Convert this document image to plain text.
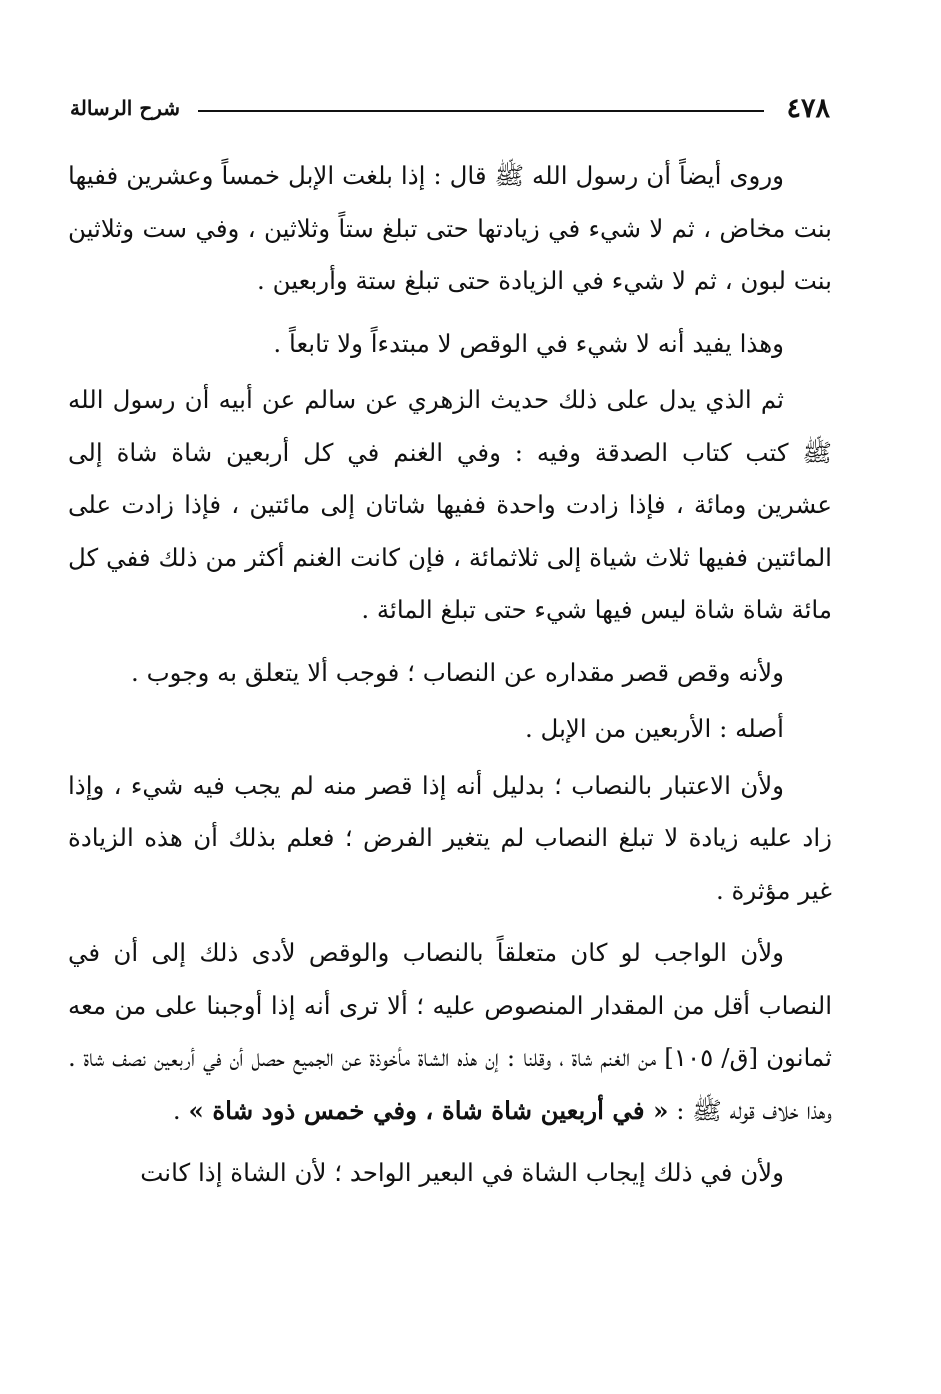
٤٧٨
شرح الرسالة

وروى أيضاً أن رسول الله ﷺ قال : إذا بلغت الإبل خمساً وعشرين ففيها بنت مخاض ، ثم لا شيء في زيادتها حتى تبلغ ستاً وثلاثين ، وفي ست وثلاثين بنت لبون ، ثم لا شيء في الزيادة حتى تبلغ ستة وأربعين .

وهذا يفيد أنه لا شيء في الوقص لا مبتدءاً ولا تابعاً .

ثم الذي يدل على ذلك حديث الزهري عن سالم عن أبيه أن رسول الله ﷺ كتب كتاب الصدقة وفيه : وفي الغنم في كل أربعين شاة شاة إلى عشرين ومائة ، فإذا زادت واحدة ففيها شاتان إلى مائتين ، فإذا زادت على المائتين ففيها ثلاث شياة إلى ثلاثمائة ، فإن كانت الغنم أكثر من ذلك ففي كل مائة شاة شاة ليس فيها شيء حتى تبلغ المائة .

ولأنه وقص قصر مقداره عن النصاب ؛ فوجب ألا يتعلق به وجوب .

أصله : الأربعين من الإبل .

ولأن الاعتبار بالنصاب ؛ بدليل أنه إذا قصر منه لم يجب فيه شيء ، وإذا زاد عليه زيادة لا تبلغ النصاب لم يتغير الفرض ؛ فعلم بذلك أن هذه الزيادة غير مؤثرة .

ولأن الواجب لو كان متعلقاً بالنصاب والوقص لأدى ذلك إلى أن في النصاب أقل من المقدار المنصوص عليه ؛ ألا ترى أنه إذا أوجبنا على من معه ثمانون [ق/ ١٠٥] من الغنم شاة ، وقلنا : إن هذه الشاة مأخوذة عن الجميع حصل أن في أربعين نصف شاة . وهذا خلاف قوله ﷺ : « في أربعين شاة شاة ، وفي خمس ذود شاة » .

ولأن في ذلك إيجاب الشاة في البعير الواحد ؛ لأن الشاة إذا كانت
